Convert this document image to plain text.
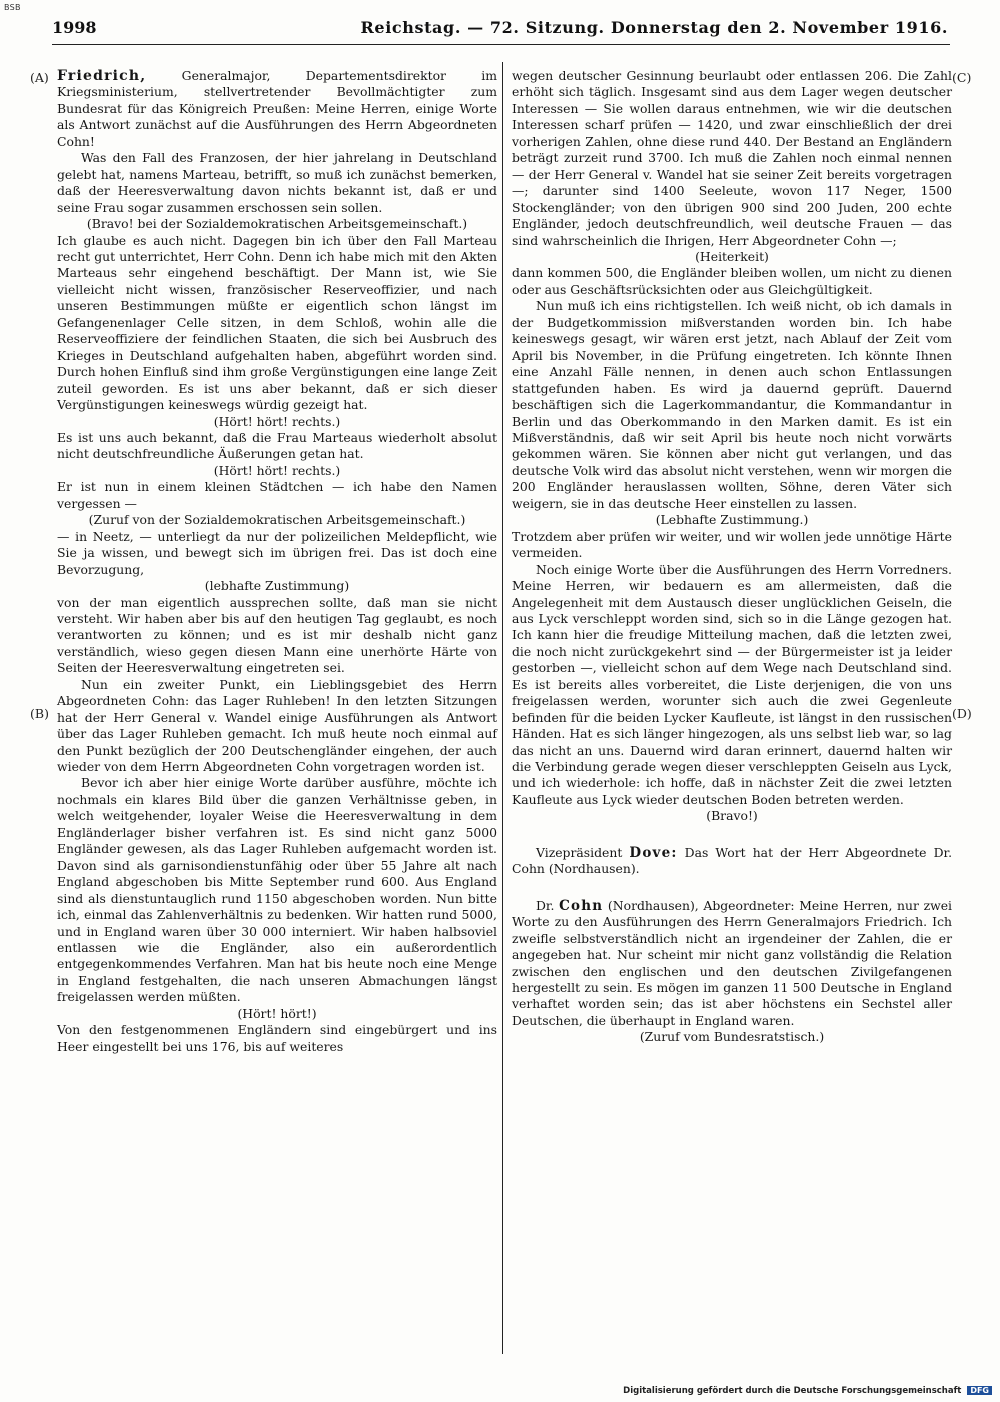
BSB
1998	Reichstag. — 72. Sitzung. Donnerstag den 2. November 1916.
(A)
(B)
(C)
(D)

Friedrich, Generalmajor, Departementsdirektor im Kriegsministerium, stellvertretender Bevollmächtigter zum Bundesrat für das Königreich Preußen: Meine Herren, einige Worte als Antwort zunächst auf die Ausführungen des Herrn Abgeordneten Cohn!

Was den Fall des Franzosen, der hier jahrelang in Deutschland gelebt hat, namens Marteau, betrifft, so muß ich zunächst bemerken, daß der Heeresverwaltung davon nichts bekannt ist, daß er und seine Frau sogar zusammen erschossen sein sollen.

(Bravo! bei der Sozialdemokratischen Arbeitsgemeinschaft.)

Ich glaube es auch nicht. Dagegen bin ich über den Fall Marteau recht gut unterrichtet, Herr Cohn. Denn ich habe mich mit den Akten Marteaus sehr eingehend beschäftigt. Der Mann ist, wie Sie vielleicht nicht wissen, französischer Reserveoffizier, und nach unseren Bestimmungen müßte er eigentlich schon längst im Gefangenenlager Celle sitzen, in dem Schloß, wohin alle die Reserveoffiziere der feindlichen Staaten, die sich bei Ausbruch des Krieges in Deutschland aufgehalten haben, abgeführt worden sind. Durch hohen Einfluß sind ihm große Vergünstigungen eine lange Zeit zuteil geworden. Es ist uns aber bekannt, daß er sich dieser Vergünstigungen keineswegs würdig gezeigt hat.

(Hört! hört! rechts.)

Es ist uns auch bekannt, daß die Frau Marteaus wiederholt absolut nicht deutschfreundliche Äußerungen getan hat.

(Hört! hört! rechts.)

Er ist nun in einem kleinen Städtchen — ich habe den Namen vergessen —

(Zuruf von der Sozialdemokratischen Arbeitsgemeinschaft.)

— in Neetz, — unterliegt da nur der polizeilichen Meldepflicht, wie Sie ja wissen, und bewegt sich im übrigen frei. Das ist doch eine Bevorzugung,

(lebhafte Zustimmung)

von der man eigentlich aussprechen sollte, daß man sie nicht versteht. Wir haben aber bis auf den heutigen Tag geglaubt, es noch verantworten zu können; und es ist mir deshalb nicht ganz verständlich, wieso gegen diesen Mann eine unerhörte Härte von Seiten der Heeresverwaltung eingetreten sei.

Nun ein zweiter Punkt, ein Lieblingsgebiet des Herrn Abgeordneten Cohn: das Lager Ruhleben! In den letzten Sitzungen hat der Herr General v. Wandel einige Ausführungen als Antwort über das Lager Ruhleben gemacht. Ich muß heute noch einmal auf den Punkt bezüglich der 200 Deutschengländer eingehen, der auch wieder von dem Herrn Abgeordneten Cohn vorgetragen worden ist.

Bevor ich aber hier einige Worte darüber ausführe, möchte ich nochmals ein klares Bild über die ganzen Verhältnisse geben, in welch weitgehender, loyaler Weise die Heeresverwaltung in dem Engländerlager bisher verfahren ist. Es sind nicht ganz 5000 Engländer gewesen, als das Lager Ruhleben aufgemacht worden ist. Davon sind als garnisondienstunfähig oder über 55 Jahre alt nach England abgeschoben bis Mitte September rund 600. Aus England sind als dienstuntauglich rund 1150 abgeschoben worden. Nun bitte ich, einmal das Zahlenverhältnis zu bedenken. Wir hatten rund 5000, und in England waren über 30 000 interniert. Wir haben halbsoviel entlassen wie die Engländer, also ein außerordentlich entgegenkommendes Verfahren. Man hat bis heute noch eine Menge in England festgehalten, die nach unseren Abmachungen längst freigelassen werden müßten.

(Hört! hört!)

Von den festgenommenen Engländern sind eingebürgert und ins Heer eingestellt bei uns 176, bis auf weiteres

wegen deutscher Gesinnung beurlaubt oder entlassen 206. Die Zahl erhöht sich täglich. Insgesamt sind aus dem Lager wegen deutscher Interessen — Sie wollen daraus entnehmen, wie wir die deutschen Interessen scharf prüfen — 1420, und zwar einschließlich der drei vorherigen Zahlen, ohne diese rund 440. Der Bestand an Engländern beträgt zurzeit rund 3700. Ich muß die Zahlen noch einmal nennen — der Herr General v. Wandel hat sie seiner Zeit bereits vorgetragen —; darunter sind 1400 Seeleute, wovon 117 Neger, 1500 Stockengländer; von den übrigen 900 sind 200 Juden, 200 echte Engländer, jedoch deutschfreundlich, weil deutsche Frauen — das sind wahrscheinlich die Ihrigen, Herr Abgeordneter Cohn —;

(Heiterkeit)

dann kommen 500, die Engländer bleiben wollen, um nicht zu dienen oder aus Geschäftsrücksichten oder aus Gleichgültigkeit.

Nun muß ich eins richtigstellen. Ich weiß nicht, ob ich damals in der Budgetkommission mißverstanden worden bin. Ich habe keineswegs gesagt, wir wären erst jetzt, nach Ablauf der Zeit vom April bis November, in die Prüfung eingetreten. Ich könnte Ihnen eine Anzahl Fälle nennen, in denen auch schon Entlassungen stattgefunden haben. Es wird ja dauernd geprüft. Dauernd beschäftigen sich die Lagerkommandantur, die Kommandantur in Berlin und das Oberkommando in den Marken damit. Es ist ein Mißverständnis, daß wir seit April bis heute noch nicht vorwärts gekommen wären. Sie können aber nicht gut verlangen, und das deutsche Volk wird das absolut nicht verstehen, wenn wir morgen die 200 Engländer herauslassen wollten, Söhne, deren Väter sich weigern, sie in das deutsche Heer einstellen zu lassen.

(Lebhafte Zustimmung.)

Trotzdem aber prüfen wir weiter, und wir wollen jede unnötige Härte vermeiden.

Noch einige Worte über die Ausführungen des Herrn Vorredners. Meine Herren, wir bedauern es am allermeisten, daß die Angelegenheit mit dem Austausch dieser unglücklichen Geiseln, die aus Lyck verschleppt worden sind, sich so in die Länge gezogen hat. Ich kann hier die freudige Mitteilung machen, daß die letzten zwei, die noch nicht zurückgekehrt sind — der Bürgermeister ist ja leider gestorben —, vielleicht schon auf dem Wege nach Deutschland sind. Es ist bereits alles vorbereitet, die Liste derjenigen, die von uns freigelassen werden, worunter sich auch die zwei Gegenleute befinden für die beiden Lycker Kaufleute, ist längst in den russischen Händen. Hat es sich länger hingezogen, als uns selbst lieb war, so lag das nicht an uns. Dauernd wird daran erinnert, dauernd halten wir die Verbindung gerade wegen dieser verschleppten Geiseln aus Lyck, und ich wiederhole: ich hoffe, daß in nächster Zeit die zwei letzten Kaufleute aus Lyck wieder deutschen Boden betreten werden.

(Bravo!)

Vizepräsident Dove: Das Wort hat der Herr Abgeordnete Dr. Cohn (Nordhausen).

Dr. Cohn (Nordhausen), Abgeordneter: Meine Herren, nur zwei Worte zu den Ausführungen des Herrn Generalmajors Friedrich. Ich zweifle selbstverständlich nicht an irgendeiner der Zahlen, die er angegeben hat. Nur scheint mir nicht ganz vollständig die Relation zwischen den englischen und den deutschen Zivilgefangenen hergestellt zu sein. Es mögen im ganzen 11 500 Deutsche in England verhaftet worden sein; das ist aber höchstens ein Sechstel aller Deutschen, die überhaupt in England waren.

(Zuruf vom Bundesratstisch.)

Digitalisierung gefördert durch die Deutsche Forschungsgemeinschaft DFG
